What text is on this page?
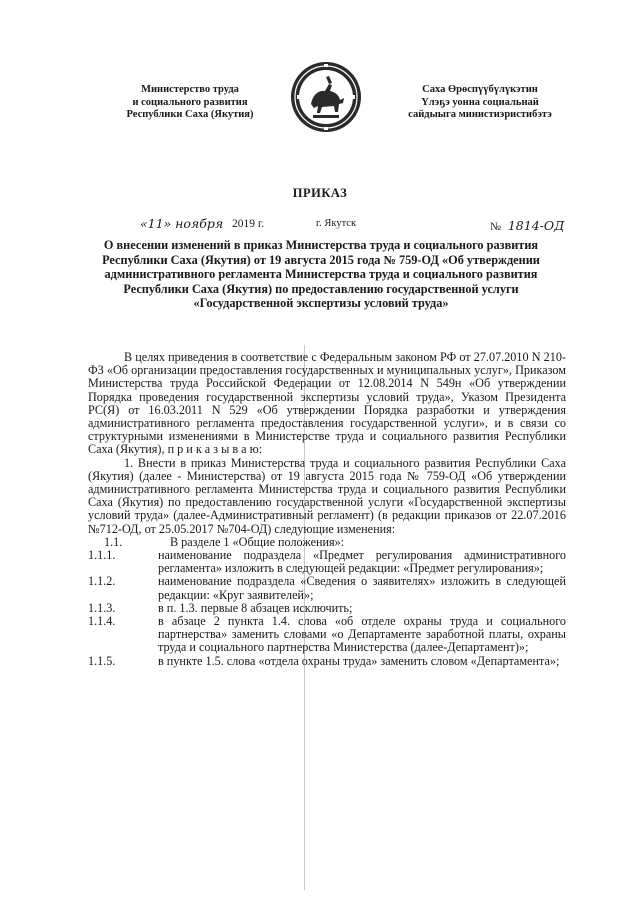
Министерство труда
и социального развития
Республики Саха (Якутия)
Саха Өрөспүүбүлүкэтин
Үлэҕэ уонна социальнай
сайдыыга министиэристибэтэ
ПРИКАЗ
«11» ноября 2019 г.	г. Якутск	№ 1814-ОД
О внесении изменений в приказ Министерства труда и социального развития Республики Саха (Якутия) от 19 августа 2015 года № 759-ОД «Об утверждении административного регламента Министерства труда и социального развития Республики Саха (Якутия) по предоставлению государственной услуги «Государственной экспертизы условий труда»

В целях приведения в соответствие с Федеральным законом РФ от 27.07.2010 N 210-ФЗ «Об организации предоставления государственных и муниципальных услуг», Приказом Министерства труда Российской Федерации от 12.08.2014 N 549н «Об утверждении Порядка проведения государственной экспертизы условий труда», Указом Президента РС(Я) от 16.03.2011 N 529 «Об утверждении Порядка разработки и утверждения административного регламента предоставления государственной услуги», и в связи со структурными изменениями в Министерстве труда и социального развития Республики Саха (Якутия), п р и к а з ы в а ю:

1. Внести в приказ Министерства труда и социального развития Республики Саха (Якутия) (далее - Министерства) от 19 августа 2015 года № 759-ОД «Об утверждении административного регламента Министерства труда и социального развития Республики Саха (Якутия) по предоставлению государственной услуги «Государственной экспертизы условий труда» (далее-Административный регламент) (в редакции приказов от 22.07.2016 №712-ОД, от 25.05.2017 №704-ОД) следующие изменения:

1.1.	В разделе 1 «Общие положения»:
1.1.1.	наименование подраздела «Предмет регулирования административного регламента» изложить в следующей редакции: «Предмет регулирования»;
1.1.2.	наименование подраздела «Сведения о заявителях» изложить в следующей редакции: «Круг заявителей»;
1.1.3.	в п. 1.3. первые 8 абзацев исключить;
1.1.4.	в абзаце 2 пункта 1.4. слова «об отделе охраны труда и социального партнерства» заменить словами «о Департаменте заработной платы, охраны труда и социального партнерства Министерства (далее-Департамент)»;
1.1.5.	в пункте 1.5. слова «отдела охраны труда» заменить словом «Департамента»;
